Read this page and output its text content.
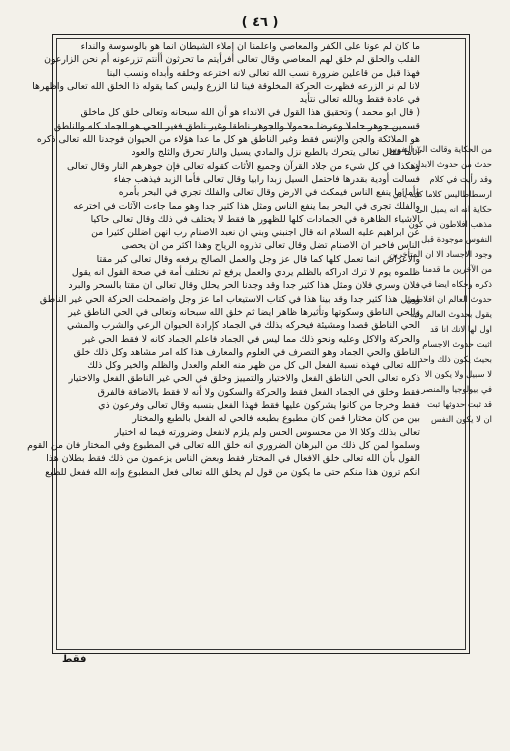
( ٤٦ )
ما كان لم عونا على الكفر والمعاصي واعلمنا ان إملاء الشيطان انما هو بالوسوسة والنداء
القلب والحلق لم خلق لهم المعاصي وقال تعالى أفرأيتم ما تحرثون أأنتم تزرعونه أم نحن الزارعون
فهذا قبل من قاعلين ضرورة نسب الله تعالى لانه اخترعه وخلقه وأبداه ونسب البنا
لانا لم نر الزرعه فظهرت الحركة المخلوقة فينا لنا الزرع وليس كما يقوله ذا الخلق الله تعالى واظهرها
في عادة فقط وبالله تعالى نتأيد
( قال ابو محمد ) وتحقيق هذا القول في الانداء هو أن الله سبحانه وتعالى خلق كل ماخلق
قسمين جوهر حاملا وعرضا محمولا والجوهر ناطقا وغير ناطق فغير الحي هو الجماد كله والناطق
هو الملائكة والجن والإنس فقط وغير الناطق هو كل ما عدا هؤلاء من الحيوان فوجدنا الله تعالى ذكره
آثاما فقال تعالى يتحرك بالطبع نزل والمادي يسيل والنار تحرق والثلج والعود
وهكذا في كل شيء من جلاد القرآن وجميع الأثات كقوله تعالى فإن جوهرهم النار وقال تعالى
فسالت أودية بقدرها فاحتمل السيل زبدا رابيا وقال تعالى فأما الزبد فيذهب جفاء
وأما ما ينفع الناس فيمكث في الارض وقال تعالى والفلك تجري في البحر بأمره
والفلك تجرى في البحر بما ينفع الناس ومثل هذا كثير جدا وهو مما جاءت الآثات في اخترعه
الاشياء الظاهرة في الجمادات كلها للظهور ها فقط لا يختلف في ذلك وقال تعالى حاكيا
عن ابراهيم عليه السلام انه قال اجنبني وبني ان نعبد الاصنام رب انهن اضللن كثيرا من
الناس فاخبر ان الاصنام تضل وقال تعالى تذروه الرياح وهذا اكثر من ان يحصى
والاعراض انما تعمل كلها كما قال عز وجل والعمل الصالح يرفعه وقال تعالى كبر مقتا
ظلموه يوم لا ترك ادراكه بالظلم يردي والعمل يرفع ثم نختلف أمة في صحة القول انه يقول
فلان وسري فلان ومثل هذا كثير جدا وقد وجدنا الحر يحلل وقال تعالى ان مقتا بالسحر والبرد
ومثل هذا كثير جدا وقد بينا هذا في كتاب الاستيعاب اما عز وجل واضمحلت الحركة الحي غير الناطق
والحي الناطق وسكوتها وتأثيرها ظاهر ايضا ثم خلق الله سبحانه وتعالى في الحي الناطق غير
الحي الناطق قصدا ومشيئة فيحركه بذلك في الجماد كإرادة الحيوان الرعي والشرب والمشي
والحركة والاكل وعليه ونحو ذلك مما ليس في الجماد فاعلم الجماد كانه لا فقط الحي غير
الناطق والحي الجماد وهو التصرف في العلوم والمعارف هذا كله امر مشاهد وكل ذلك خلق
الله تعالى فهذه نسبة الفعل الى كل من ظهر منه العلم والعدل والظلم والخير وكل ذلك
ذكره تعالى الحي الناطق الفعل والاختيار والتمييز وخلق في الحي غير الناطق الفعل والاختيار
فقط وخلق في الجماد الفعل فقط والحركة والسكون ولا أنه لا فقط بالاضافة فالفرق
فقط وخرجا من كانوا يشركون عليها فقط فهذا الفعل بنسبه وقال تعالى وفرعون ذي
بين من كان مختارا فمن كان مطبوع بطبعه فالحي له الفعل بالطبع والمختار
تعالى بذلك وكلا الا من محسوس الحس ولم يلزم لانفعل وضرورته فيما له اختيار
وسلموا لمن كل ذلك من البرهان الضروري انه خلق الله تعالى في المطبوع وفي المختار فان من القوم
القول بأن الله تعالى خلق الافعال في المختار فقط وبعض الناس يزعمون من ذلك فقط بطلان هذا
انكم ترون هذا منكم حتى ما يكون من قول لم يخلق الله تعالى فعل المطبوع وإنه الله ففعل للطبع
من الحكاية وقالت الى النفوس
حدث من حدوث الابدان
وقد رأيت في كلام
ارسطاطاليس كلاما كأنه يأتي
حكاية انه انه يميل الى
مذهب افلاطون في كون
النفوس موجودة قبل
وجود الاجساد الا ان المتأخرين
من الآخرين ما قدمنا
ذكره وحكاه ايضا في
حدوث العالم ان افلاطون
يقول بحدوث العالم وانه
اول لها لانك انا قد
اثبت حدوث الاجسام
بحيث يكون ذلك واحد
لا سبيل ولا يكون الا
في بيولوجيا والمنصر
قد ثبت حدوثها ثبت
ان لا يكون النفس
فقط
